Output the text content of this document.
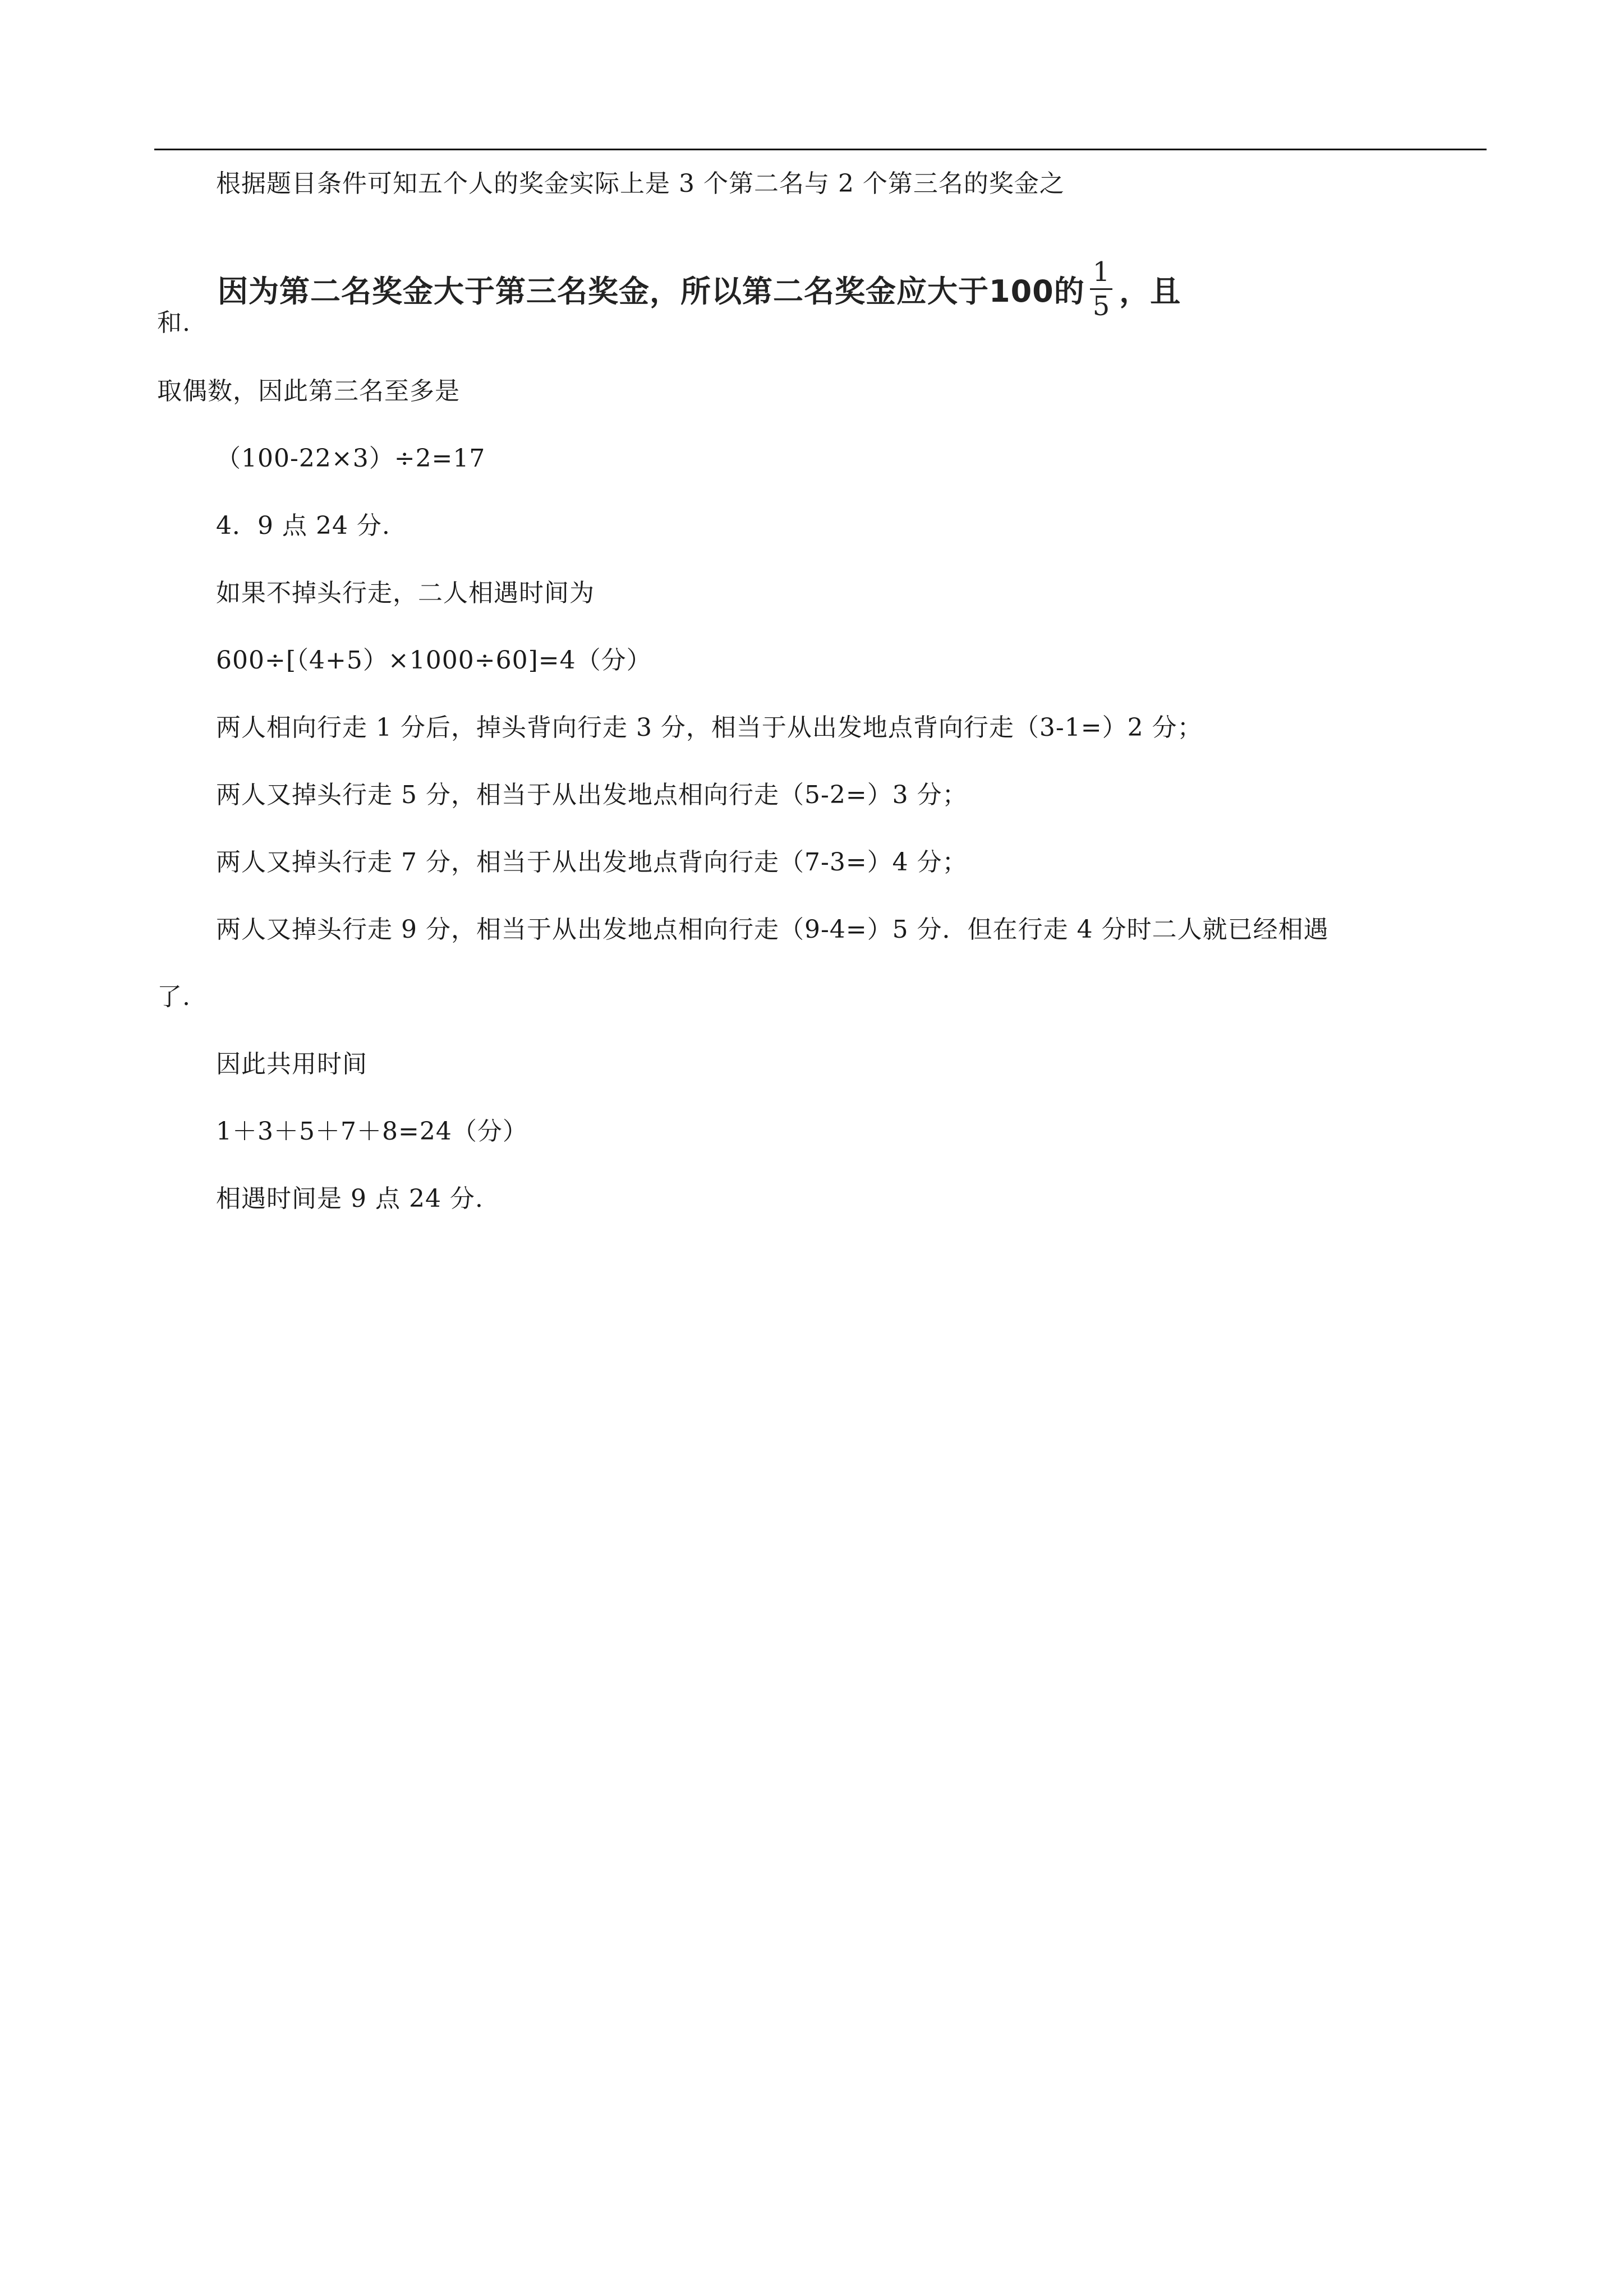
根据题目条件可知五个人的奖金实际上是 3 个第二名与 2 个第三名的奖金之
因为第二名奖金大于第三名奖金，所以第二名奖金应大于100的 $\frac{1}{5}$ ，且
和.
取偶数，因此第三名至多是
（100-22×3）÷2=17
4．9 点 24 分.
如果不掉头行走，二人相遇时间为
600÷[（4+5）×1000÷60]=4（分）
两人相向行走 1 分后，掉头背向行走 3 分，相当于从出发地点背向行走（3-1=）2 分；
两人又掉头行走 5 分，相当于从出发地点相向行走（5-2=）3 分；
两人又掉头行走 7 分，相当于从出发地点背向行走（7-3=）4 分；
两人又掉头行走 9 分，相当于从出发地点相向行走（9-4=）5 分．但在行走 4 分时二人就已经相遇
了.
因此共用时间
1＋3＋5＋7＋8=24（分）
相遇时间是 9 点 24 分.
